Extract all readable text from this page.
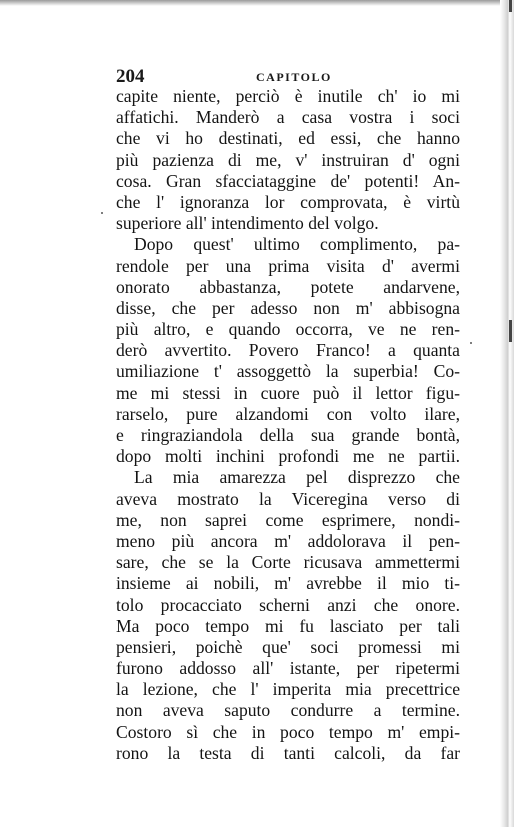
204	CAPITOLO
capite niente, perciò è inutile ch' io mi
affatichi. Manderò a casa vostra i soci
che vi ho destinati, ed essi, che hanno
più pazienza di me, v' instruiran d' ogni
cosa. Gran sfacciataggine de' potenti! An-
che l' ignoranza lor comprovata, è virtù
superiore all' intendimento del volgo.
Dopo quest' ultimo complimento, pa-
rendole per una prima visita d' avermi
onorato abbastanza, potete andarvene,
disse, che per adesso non m' abbisogna
più altro, e quando occorra, ve ne ren-
derò avvertito. Povero Franco! a quanta
umiliazione t' assoggettò la superbia! Co-
me mi stessi in cuore può il lettor figu-
rarselo, pure alzandomi con volto ilare,
e ringraziandola della sua grande bontà,
dopo molti inchini profondi me ne partii.
La mia amarezza pel disprezzo che
aveva mostrato la Viceregina verso di
me, non saprei come esprimere, nondi-
meno più ancora m' addolorava il pen-
sare, che se la Corte ricusava ammettermi
insieme ai nobili, m' avrebbe il mio ti-
tolo procacciato scherni anzi che onore.
Ma poco tempo mi fu lasciato per tali
pensieri, poichè que' soci promessi mi
furono addosso all' istante, per ripetermi
la lezione, che l' imperita mia precettrice
non aveva saputo condurre a termine.
Costoro sì che in poco tempo m' empi-
rono la testa di tanti calcoli, da far
